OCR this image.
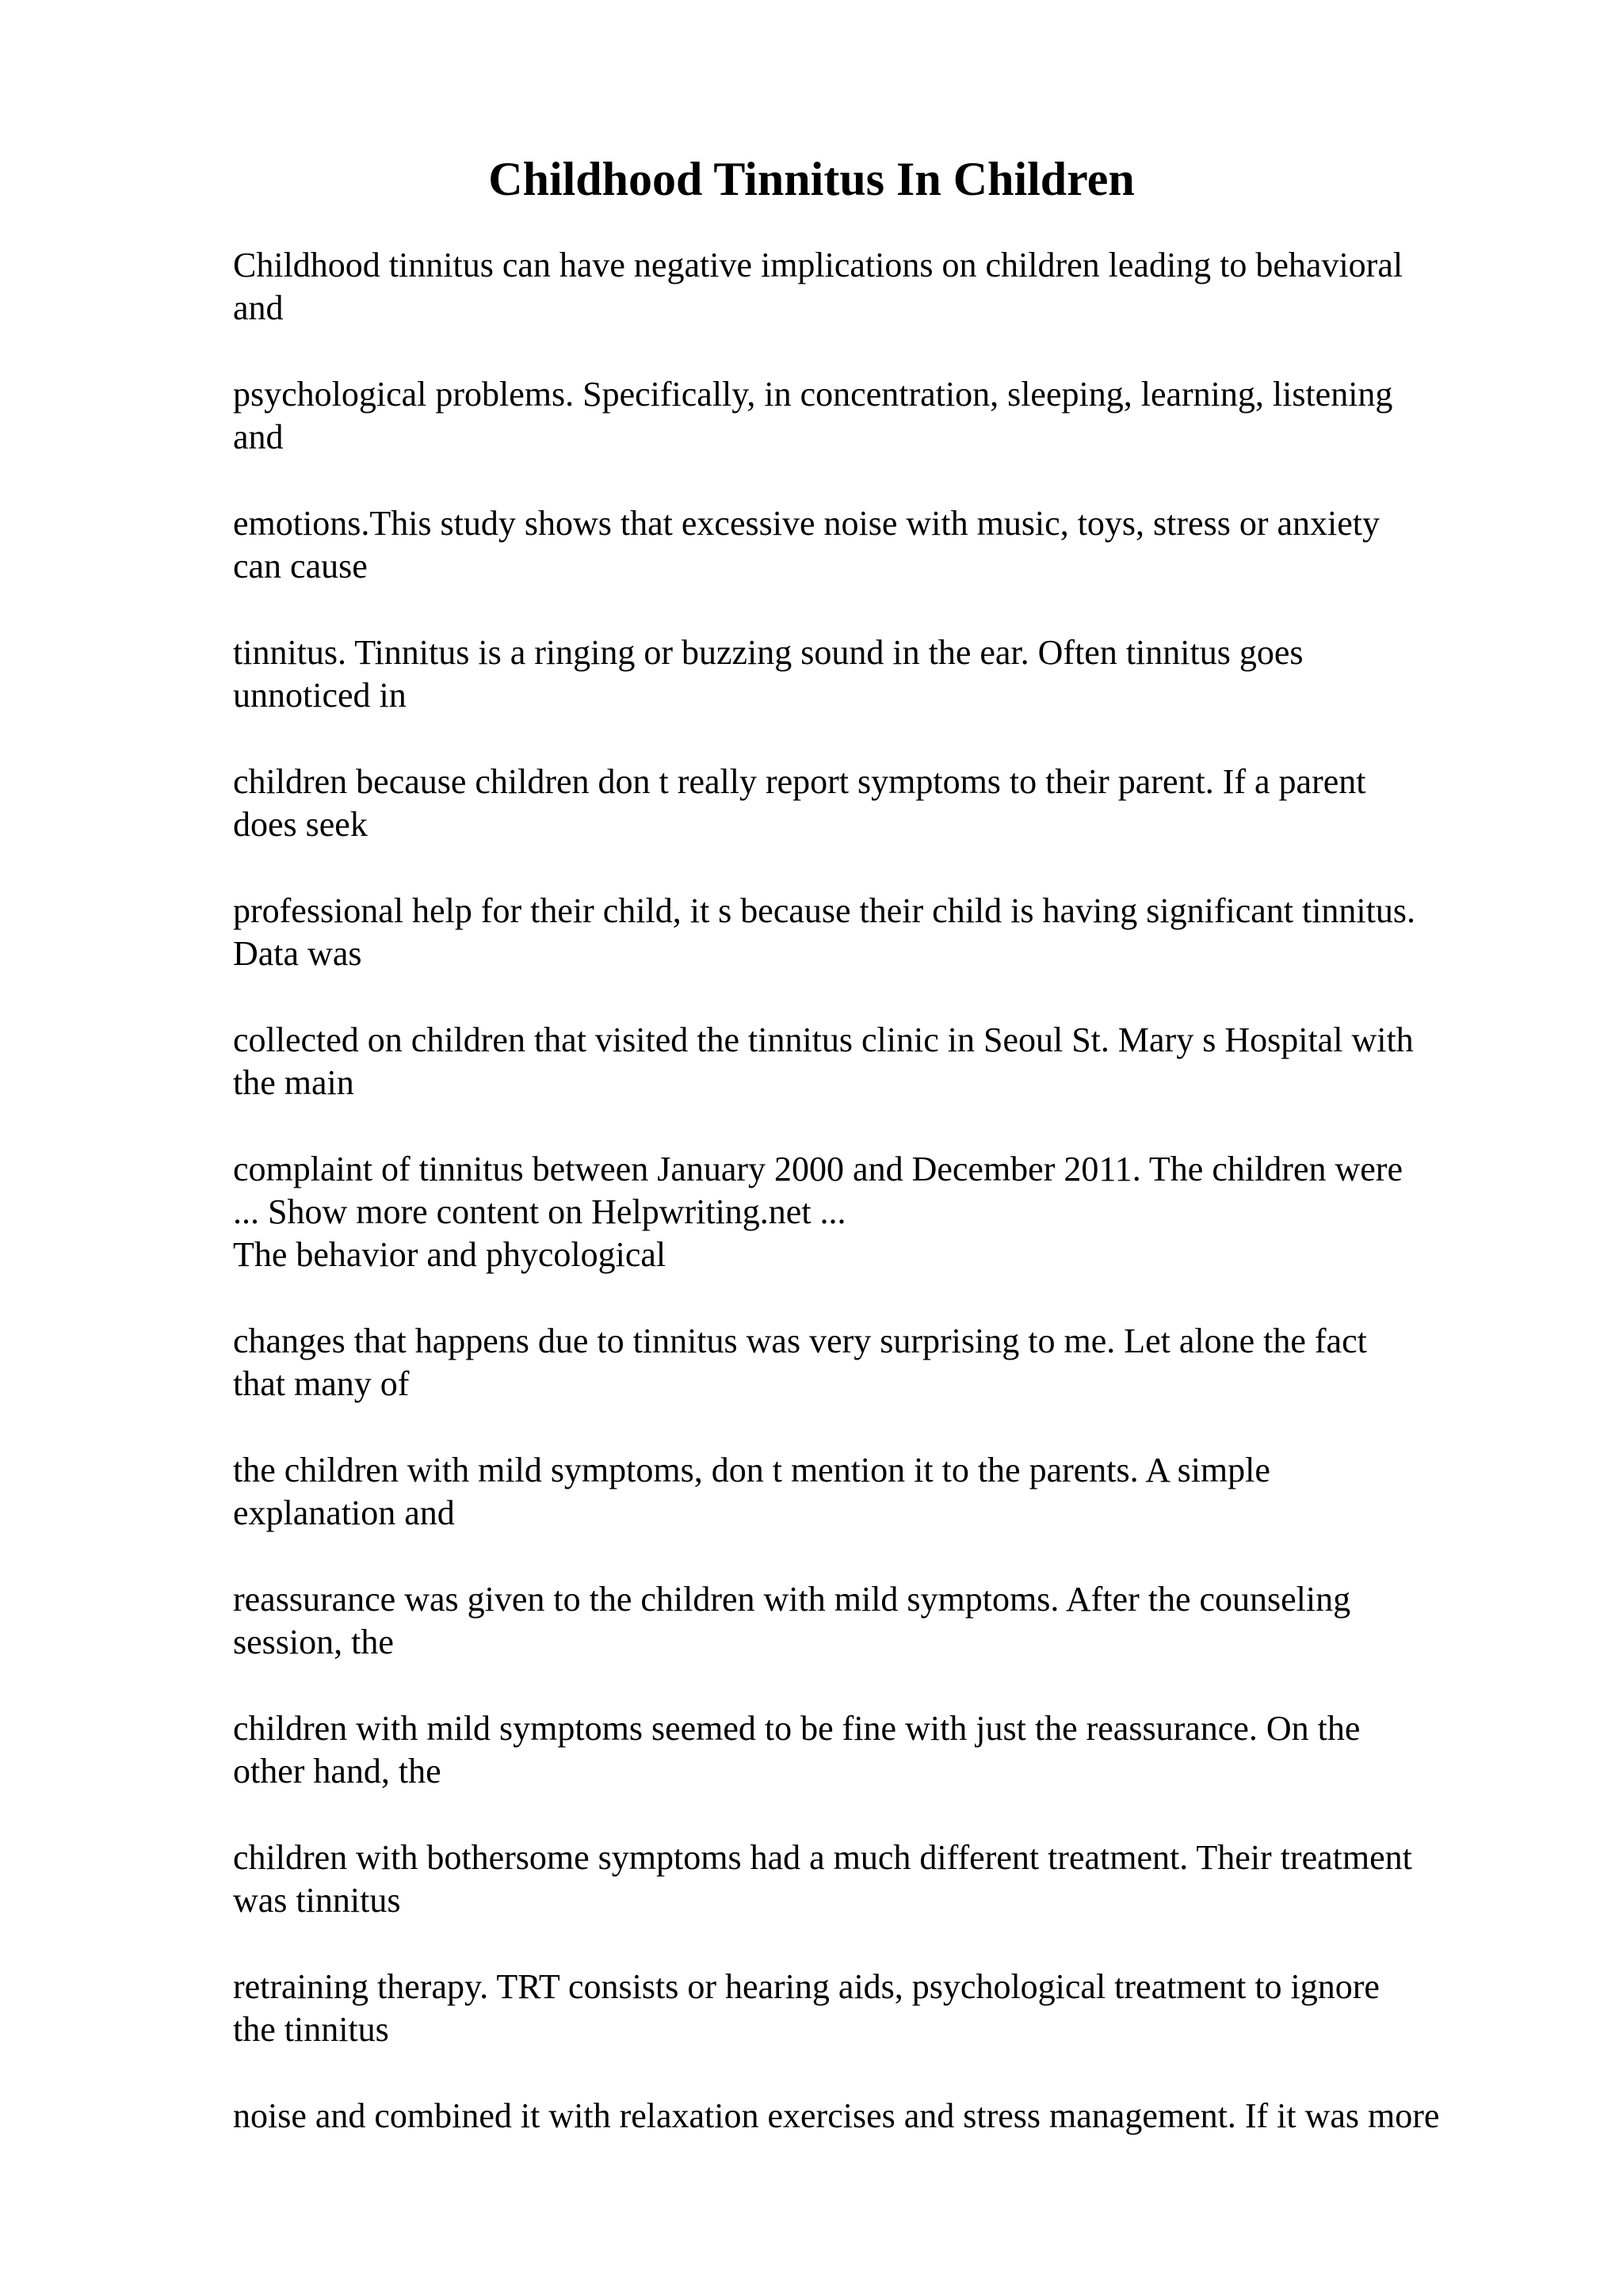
Childhood Tinnitus In Children

Childhood tinnitus can have negative implications on children leading to behavioral
and

psychological problems. Specifically, in concentration, sleeping, learning, listening
and

emotions.This study shows that excessive noise with music, toys, stress or anxiety
can cause

tinnitus. Tinnitus is a ringing or buzzing sound in the ear. Often tinnitus goes
unnoticed in

children because children don t really report symptoms to their parent. If a parent
does seek

professional help for their child, it s because their child is having significant tinnitus.
Data was

collected on children that visited the tinnitus clinic in Seoul St. Mary s Hospital with
the main

complaint of tinnitus between January 2000 and December 2011. The children were
... Show more content on Helpwriting.net ...
The behavior and phycological

changes that happens due to tinnitus was very surprising to me. Let alone the fact
that many of

the children with mild symptoms, don t mention it to the parents. A simple
explanation and

reassurance was given to the children with mild symptoms. After the counseling
session, the

children with mild symptoms seemed to be fine with just the reassurance. On the
other hand, the

children with bothersome symptoms had a much different treatment. Their treatment
was tinnitus

retraining therapy. TRT consists or hearing aids, psychological treatment to ignore
the tinnitus

noise and combined it with relaxation exercises and stress management. If it was more
